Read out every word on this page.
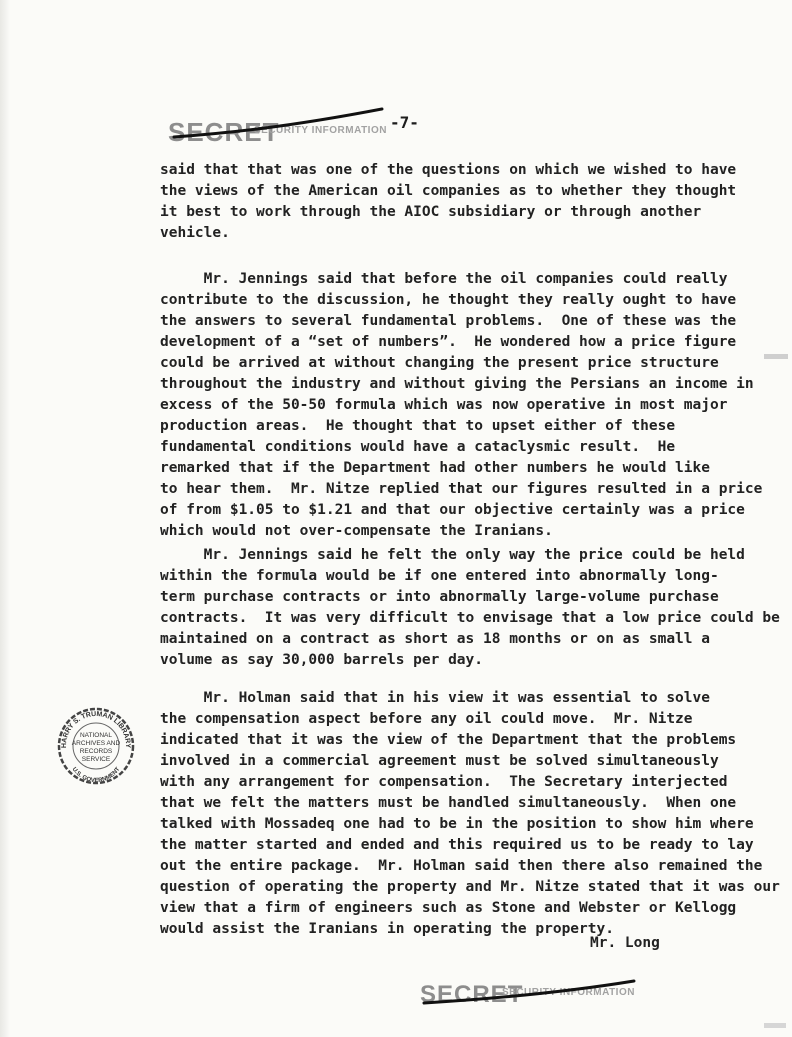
SECRET
SECURITY INFORMATION -7-

said that that was one of the questions on which we wished to have
the views of the American oil companies as to whether they thought
it best to work through the AIOC subsidiary or through another
vehicle.

Mr. Jennings said that before the oil companies could really
contribute to the discussion, he thought they really ought to have
the answers to several fundamental problems.  One of these was the
development of a “set of numbers”.  He wondered how a price figure
could be arrived at without changing the present price structure
throughout the industry and without giving the Persians an income in
excess of the 50-50 formula which was now operative in most major
production areas.  He thought that to upset either of these
fundamental conditions would have a cataclysmic result.  He
remarked that if the Department had other numbers he would like
to hear them.  Mr. Nitze replied that our figures resulted in a price
of from $1.05 to $1.21 and that our objective certainly was a price
which would not over-compensate the Iranians.

Mr. Jennings said he felt the only way the price could be held
within the formula would be if one entered into abnormally long-
term purchase contracts or into abnormally large-volume purchase
contracts.  It was very difficult to envisage that a low price could be
maintained on a contract as short as 18 months or on as small a
volume as say 30,000 barrels per day.

Mr. Holman said that in his view it was essential to solve
the compensation aspect before any oil could move.  Mr. Nitze
indicated that it was the view of the Department that the problems
involved in a commercial agreement must be solved simultaneously
with any arrangement for compensation.  The Secretary interjected
that we felt the matters must be handled simultaneously.  When one
talked with Mossadeq one had to be in the position to show him where
the matter started and ended and this required us to be ready to lay
out the entire package.  Mr. Holman said then there also remained the
question of operating the property and Mr. Nitze stated that it was our
view that a firm of engineers such as Stone and Webster or Kellogg
would assist the Iranians in operating the property.

Mr. Long
SECRET
SECURITY INFORMATION
HARRY S. TRUMAN LIBRARY
U.S. GOVERNMENT
NATIONAL
ARCHIVES AND
RECORDS
SERVICE
